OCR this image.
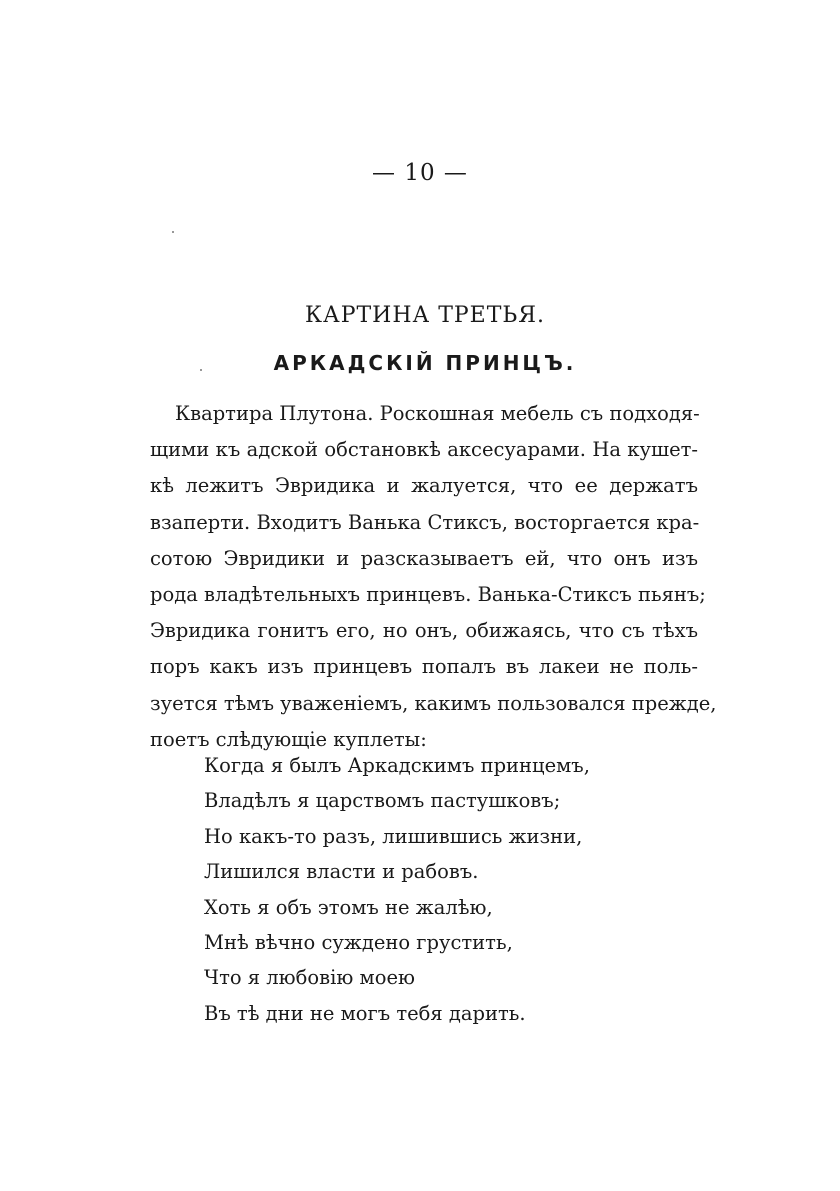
— 10 —
КАРТИНА ТРЕТЬЯ.
АРКАДСКIЙ ПРИНЦЪ.
Квартира Плутона. Роскошная мебель съ подходя-
щими къ адской обстановкѣ аксесуарами. На кушет-
кѣ лежитъ Эвридика и жалуется, что ее держатъ
взаперти. Входитъ Ванька Стиксъ, восторгается кра-
сотою Эвридики и разсказываетъ ей, что онъ изъ
рода владѣтельныхъ принцевъ. Ванька-Стиксъ пьянъ;
Эвридика гонитъ его, но онъ, обижаясь, что съ тѣхъ
поръ какъ изъ принцевъ попалъ въ лакеи не поль-
зуется тѣмъ уваженiемъ, какимъ пользовался прежде,
поетъ слѣдующiе куплеты:
Когда я былъ Аркадскимъ принцемъ,
Владѣлъ я царствомъ пастушковъ;
Но какъ-то разъ, лишившись жизни,
Лишился власти и рабовъ.
Хоть я объ этомъ не жалѣю,
Мнѣ вѣчно суждено грустить,
Что я любовiю моею
Въ тѣ дни не могъ тебя дарить.
